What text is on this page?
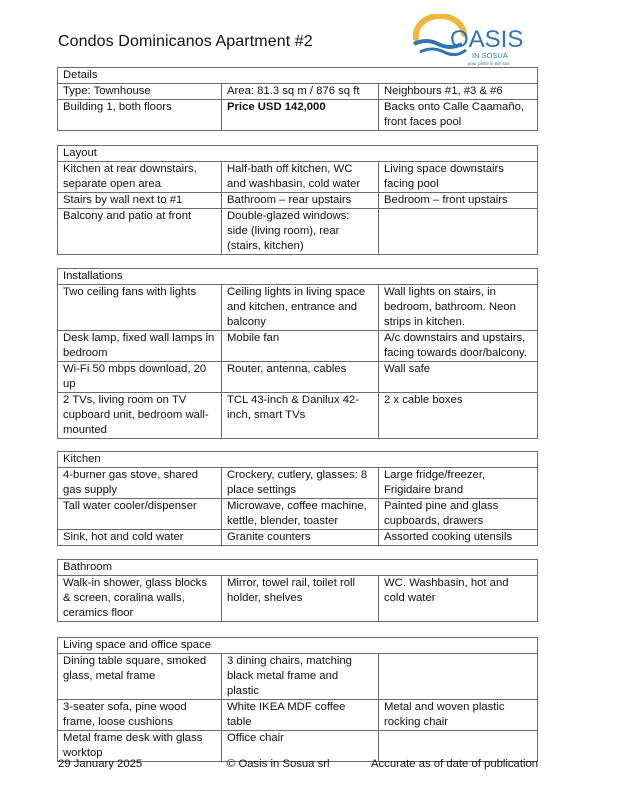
Condos Dominicanos Apartment #2	OASIS
IN SOSUA
your place in the sun
Details		
Type: Townhouse	Area: 81.3 sq m / 876 sq ft	Neighbours #1, #3 & #6
Building 1, both floors	Price USD 142,000	Backs onto Calle Caamaño, front faces pool
Layout		
Kitchen at rear downstairs, separate open area	Half-bath off kitchen, WC and washbasin, cold water	Living space downstairs facing pool
Stairs by wall next to #1	Bathroom – rear upstairs	Bedroom – front upstairs
Balcony and patio at front	Double-glazed windows: side (living room), rear (stairs, kitchen)	
Installations		
Two ceiling fans with lights	Ceiling lights in living space and kitchen, entrance and balcony	Wall lights on stairs, in bedroom, bathroom. Neon strips in kitchen.
Desk lamp, fixed wall lamps in bedroom	Mobile fan	A/c downstairs and upstairs, facing towards door/balcony.
Wi-Fi 50 mbps download, 20 up	Router, antenna, cables	Wall safe
2 TVs, living room on TV cupboard unit, bedroom wall-mounted	TCL 43-inch & Danilux 42-inch, smart TVs	2 x cable boxes
Kitchen		
4-burner gas stove, shared gas supply	Crockery, cutlery, glasses: 8 place settings	Large fridge/freezer, Frigidaire brand
Tall water cooler/dispenser	Microwave, coffee machine, kettle, blender, toaster	Painted pine and glass cupboards, drawers
Sink, hot and cold water	Granite counters	Assorted cooking utensils
Bathroom
Walk-in shower, glass blocks & screen, coralina walls, ceramics floor	Mirror, towel rail, toilet roll holder, shelves	WC. Washbasin, hot and cold water
Living space and office space		
Dining table square, smoked glass, metal frame	3 dining chairs, matching black metal frame and plastic	
3-seater sofa, pine wood frame, loose cushions	White IKEA MDF coffee table	Metal and woven plastic rocking chair
Metal frame desk with glass worktop	Office chair	
29 January 2025	© Oasis in Sosua srl	Accurate as of date of publication
